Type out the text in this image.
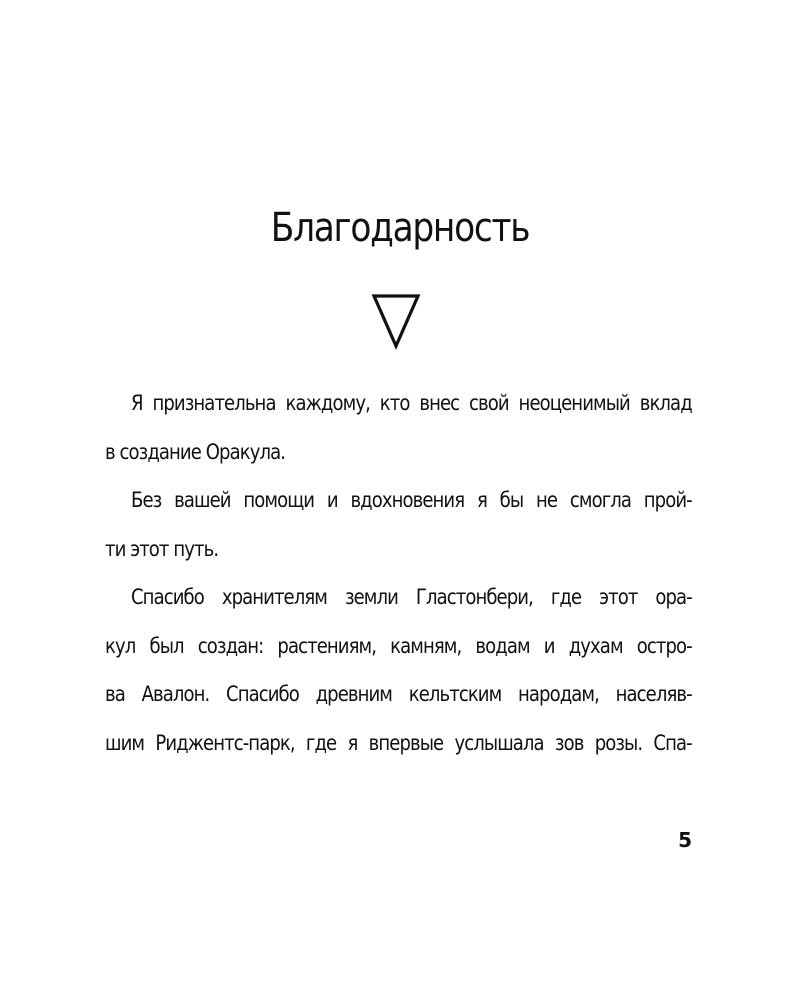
Благодарность
Я признательна каждому, кто внес свой неоценимый вклад
в создание Оракула.
Без вашей помощи и вдохновения я бы не смогла прой-
ти этот путь.
Спасибо хранителям земли Гластонбери, где этот ора-
кул был создан: растениям, камням, водам и духам остро-
ва Авалон. Спасибо древним кельтским народам, населяв-
шим Риджентс-парк, где я впервые услышала зов розы. Спа-
5
